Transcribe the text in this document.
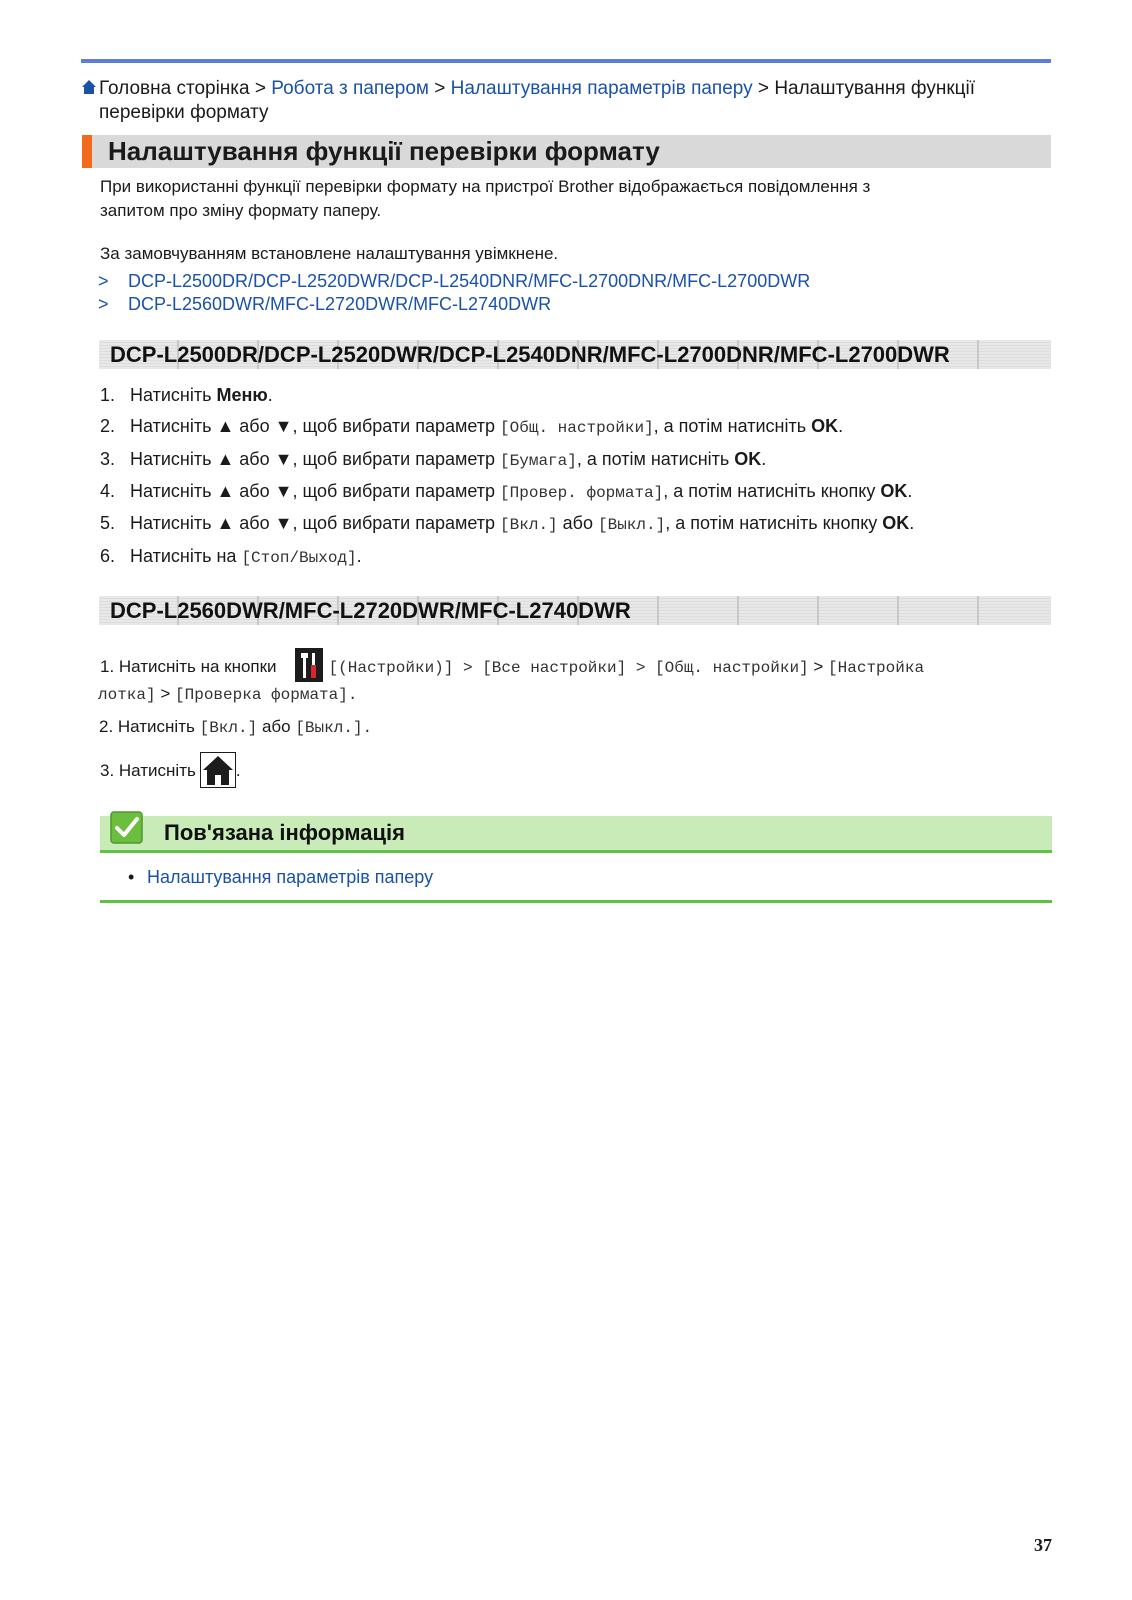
Головна сторінка > Робота з папером > Налаштування параметрів паперу > Налаштування функції
перевірки формату
Налаштування функції перевірки формату
При використанні функції перевірки формату на пристрої Brother відображається повідомлення з
запитом про зміну формату паперу.
За замовчуванням встановлене налаштування увімкнене.
> DCP-L2500DR/DCP-L2520DWR/DCP-L2540DNR/MFC-L2700DNR/MFC-L2700DWR
> DCP-L2560DWR/MFC-L2720DWR/MFC-L2740DWR
DCP-L2500DR/DCP-L2520DWR/DCP-L2540DNR/MFC-L2700DNR/MFC-L2700DWR
1. Натисніть Меню.
2. Натисніть ▲ або ▼, щоб вибрати параметр [Общ. настройки], а потім натисніть OK.
3. Натисніть ▲ або ▼, щоб вибрати параметр [Бумага], а потім натисніть OK.
4. Натисніть ▲ або ▼, щоб вибрати параметр [Провер. формата], а потім натисніть кнопку OK.
5. Натисніть ▲ або ▼, щоб вибрати параметр [Вкл.] або [Выкл.], а потім натисніть кнопку OK.
6. Натисніть на [Стоп/Выход].
DCP-L2560DWR/MFC-L2720DWR/MFC-L2740DWR
1. Натисніть на кнопки	[(Настройки)] > [Все настройки] > [Общ. настройки] > [Настройка
лотка] > [Проверка формата].
2. Натисніть [Вкл.] або [Выкл.].
3. Натисніть .
Пов'язана інформація
• Налаштування параметрів паперу
37
